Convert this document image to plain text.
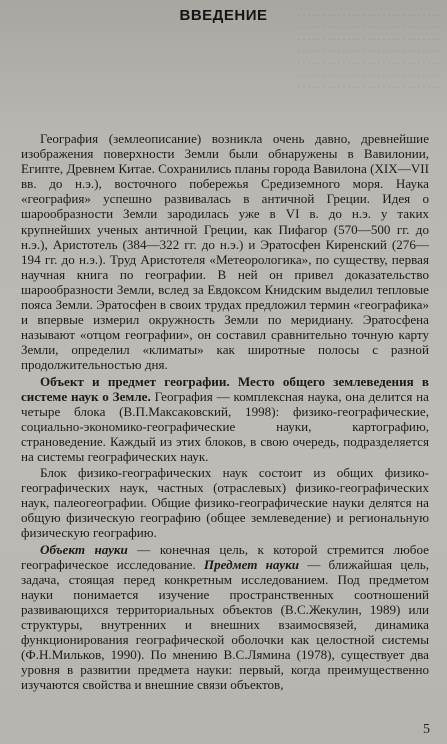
. . . . . . . . . . . . . . . . . . . . . . . . . . . . .
. . . . . . . . . . . . . . . . . . . . . . . . . . . . .
. . . . . . . . . . . . . . . . . . . . . . . . . . . . .
. . . . . . . . . . . . . . . . . . . . . . . . . . . . .
. . . . . . . . . . . . . . . . . . . . . . . . . . . . .
. . . . . . . . . . . . . . . . . . . . . . . . . . . . .
. . . . . . . . . . . . . . . . . . . . . . . . . . . . .
ВВЕДЕНИЕ

География (землеописание) возникла очень давно, древнейшие изображения поверхности Земли были обнаружены в Вавилонии, Египте, Древнем Китае. Сохранились планы города Вавилона (XIX—VII вв. до н.э.), восточного побережья Средиземного моря. Наука «география» успешно развивалась в античной Греции. Идея о шарообразности Земли зародилась уже в VI в. до н.э. у таких крупнейших ученых античной Греции, как Пифагор (570—500 гг. до н.э.), Аристотель (384—322 гг. до н.э.) и Эратосфен Киренский (276—194 гг. до н.э.). Труд Аристотеля «Метеорологика», по существу, первая научная книга по географии. В ней он привел доказательство шарообразности Земли, вслед за Евдоксом Книдским выделил тепловые пояса Земли. Эратосфен в своих трудах предложил термин «географика» и впервые измерил окружность Земли по меридиану. Эратосфена называют «отцом географии», он составил сравнительно точную карту Земли, определил «климаты» как широтные полосы с разной продолжительностью дня.

Объект и предмет географии. Место общего землеведения в системе наук о Земле. География — комплексная наука, она делится на четыре блока (В.П.Максаковский, 1998): физико-географические, социально-экономико-географические науки, картографию, страноведение. Каждый из этих блоков, в свою очередь, подразделяется на системы географических наук.

Блок физико-географических наук состоит из общих физико-географических наук, частных (отраслевых) физико-географических наук, палеогеографии. Общие физико-географические науки делятся на общую физическую географию (общее землеведение) и региональную физическую географию.

Объект науки — конечная цель, к которой стремится любое географическое исследование. Предмет науки — ближайшая цель, задача, стоящая перед конкретным исследованием. Под предметом науки понимается изучение пространственных соотношений развивающихся территориальных объектов (В.С.Жекулин, 1989) или структуры, внутренних и внешних взаимосвязей, динамика функционирования географической оболочки как целостной системы (Ф.Н.Мильков, 1990). По мнению В.С.Лямина (1978), существует два уровня в развитии предмета науки: первый, когда преимущественно изучаются свойства и внешние связи объектов,

5
